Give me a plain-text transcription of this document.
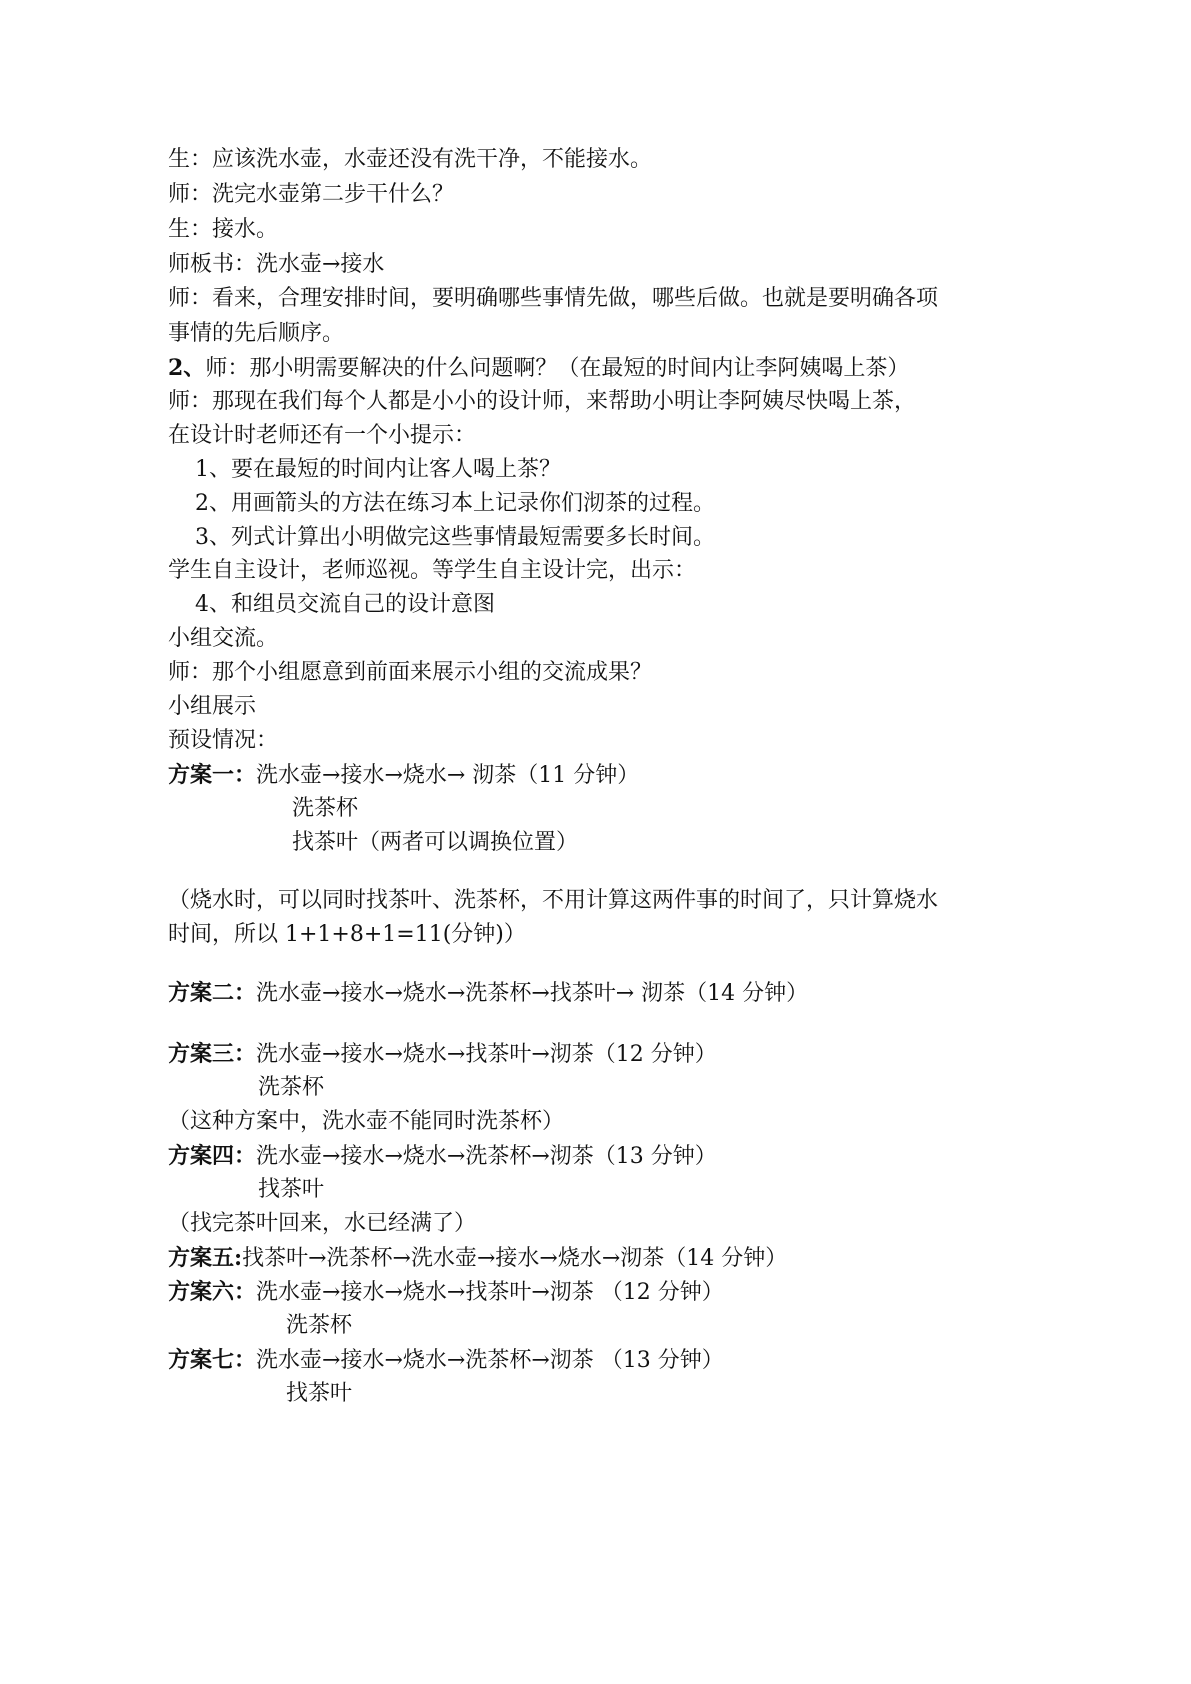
生：应该洗水壶，水壶还没有洗干净，不能接水。
师：洗完水壶第二步干什么？
生：接水。
师板书：洗水壶→接水
师：看来，合理安排时间，要明确哪些事情先做，哪些后做。也就是要明确各项
事情的先后顺序。
2、师：那小明需要解决的什么问题啊？（在最短的时间内让李阿姨喝上茶）
师：那现在我们每个人都是小小的设计师，来帮助小明让李阿姨尽快喝上茶，
在设计时老师还有一个小提示：
1、要在最短的时间内让客人喝上茶？
2、用画箭头的方法在练习本上记录你们沏茶的过程。
3、列式计算出小明做完这些事情最短需要多长时间。
学生自主设计，老师巡视。等学生自主设计完，出示：
4、和组员交流自己的设计意图
小组交流。
师：那个小组愿意到前面来展示小组的交流成果？
小组展示
预设情况：
方案一：洗水壶→接水→烧水→ 沏茶（11 分钟）
洗茶杯
找茶叶（两者可以调换位置）
（烧水时，可以同时找茶叶、洗茶杯，不用计算这两件事的时间了，只计算烧水
时间，所以 1+1+8+1=11(分钟)）
方案二：洗水壶→接水→烧水→洗茶杯→找茶叶→ 沏茶（14 分钟）
方案三：洗水壶→接水→烧水→找茶叶→沏茶（12 分钟）
洗茶杯
（这种方案中，洗水壶不能同时洗茶杯）
方案四：洗水壶→接水→烧水→洗茶杯→沏茶（13 分钟）
找茶叶
（找完茶叶回来，水已经满了）
方案五:找茶叶→洗茶杯→洗水壶→接水→烧水→沏茶（14 分钟）
方案六：洗水壶→接水→烧水→找茶叶→沏茶 （12 分钟）
洗茶杯
方案七：洗水壶→接水→烧水→洗茶杯→沏茶 （13 分钟）
找茶叶
